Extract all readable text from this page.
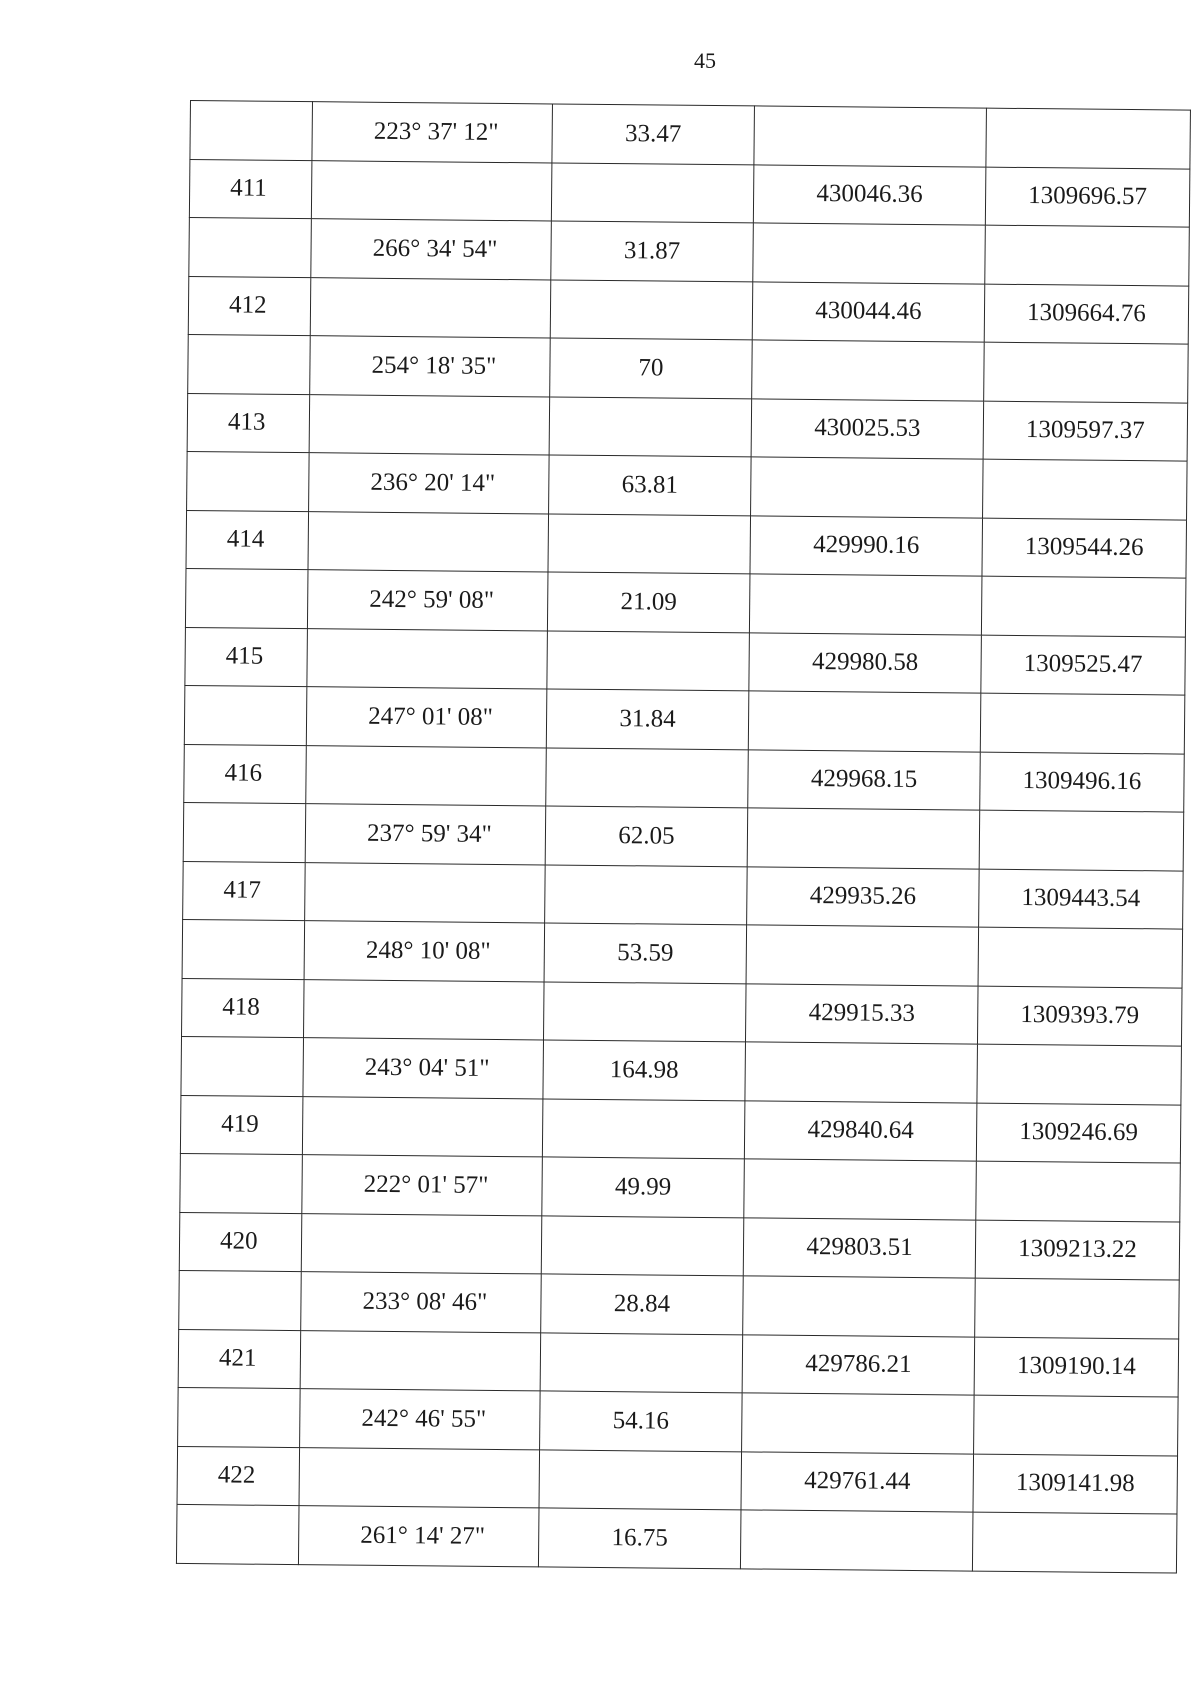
45
	223° 37' 12"	33.47		
411			430046.36	1309696.57
	266° 34' 54"	31.87		
412			430044.46	1309664.76
	254° 18' 35"	70		
413			430025.53	1309597.37
	236° 20' 14"	63.81		
414			429990.16	1309544.26
	242° 59' 08"	21.09		
415			429980.58	1309525.47
	247° 01' 08"	31.84		
416			429968.15	1309496.16
	237° 59' 34"	62.05		
417			429935.26	1309443.54
	248° 10' 08"	53.59		
418			429915.33	1309393.79
	243° 04' 51"	164.98		
419			429840.64	1309246.69
	222° 01' 57"	49.99		
420			429803.51	1309213.22
	233° 08' 46"	28.84		
421			429786.21	1309190.14
	242° 46' 55"	54.16		
422			429761.44	1309141.98
	261° 14' 27"	16.75		
